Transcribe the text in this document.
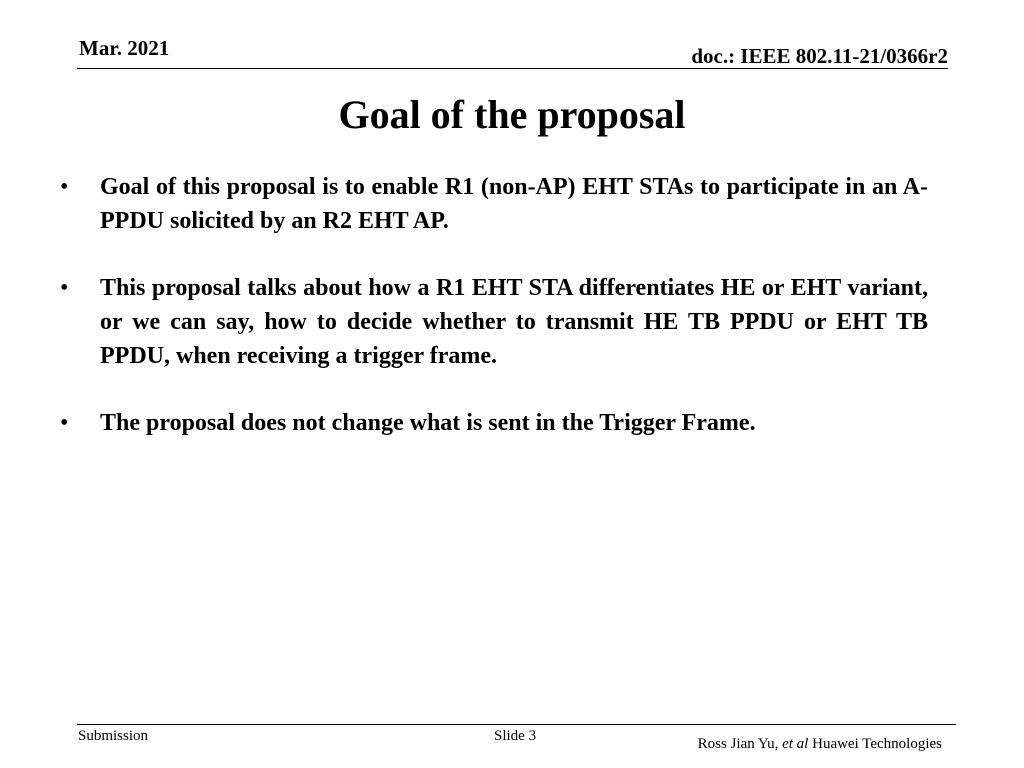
Mar. 2021	doc.: IEEE 802.11-21/0366r2
Goal of the proposal
• Goal of this proposal is to enable R1 (non-AP) EHT STAs to participate in an A-PPDU solicited by an R2 EHT AP.
• This proposal talks about how a R1 EHT STA differentiates HE or EHT variant, or we can say, how to decide whether to transmit HE TB PPDU or EHT TB PPDU, when receiving a trigger frame.
• The proposal does not change what is sent in the Trigger Frame.
Submission	Slide 3	Ross Jian Yu, et al Huawei Technologies
